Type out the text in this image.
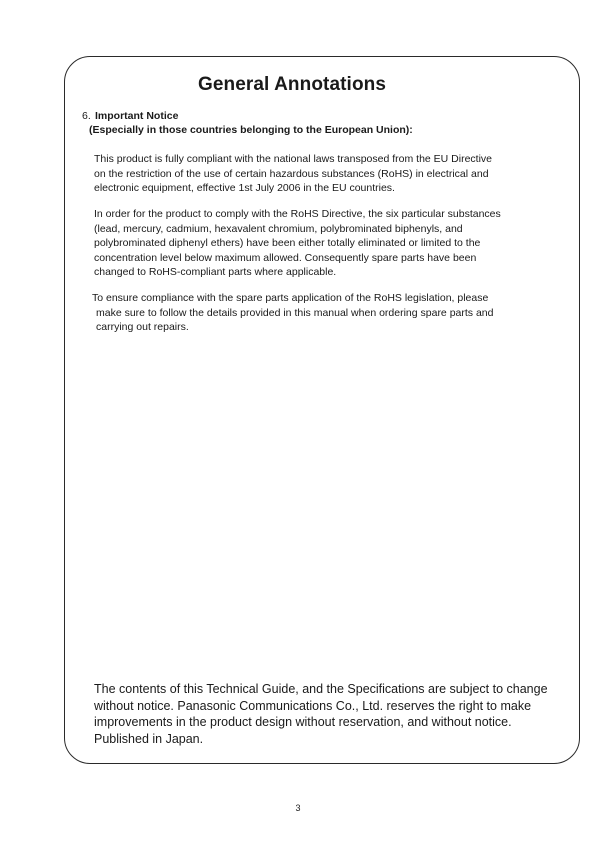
General Annotations
6. Important Notice
(Especially in those countries belonging to the European Union):

This product is fully compliant with the national laws transposed from the EU Directive
on the restriction of the use of certain hazardous substances (RoHS) in electrical and
electronic equipment, effective 1st July 2006 in the EU countries.

In order for the product to comply with the RoHS Directive, the six particular substances
(lead, mercury, cadmium, hexavalent chromium, polybrominated biphenyls, and
polybrominated diphenyl ethers) have been either totally eliminated or limited to the
concentration level below maximum allowed. Consequently spare parts have been
changed to RoHS-compliant parts where applicable.

To ensure compliance with the spare parts application of the RoHS legislation, please
make sure to follow the details provided in this manual when ordering spare parts and
carrying out repairs.

The contents of this Technical Guide, and the Specifications are subject to change
without notice. Panasonic Communications Co., Ltd. reserves the right to make
improvements in the product design without reservation, and without notice.
Published in Japan.

3
